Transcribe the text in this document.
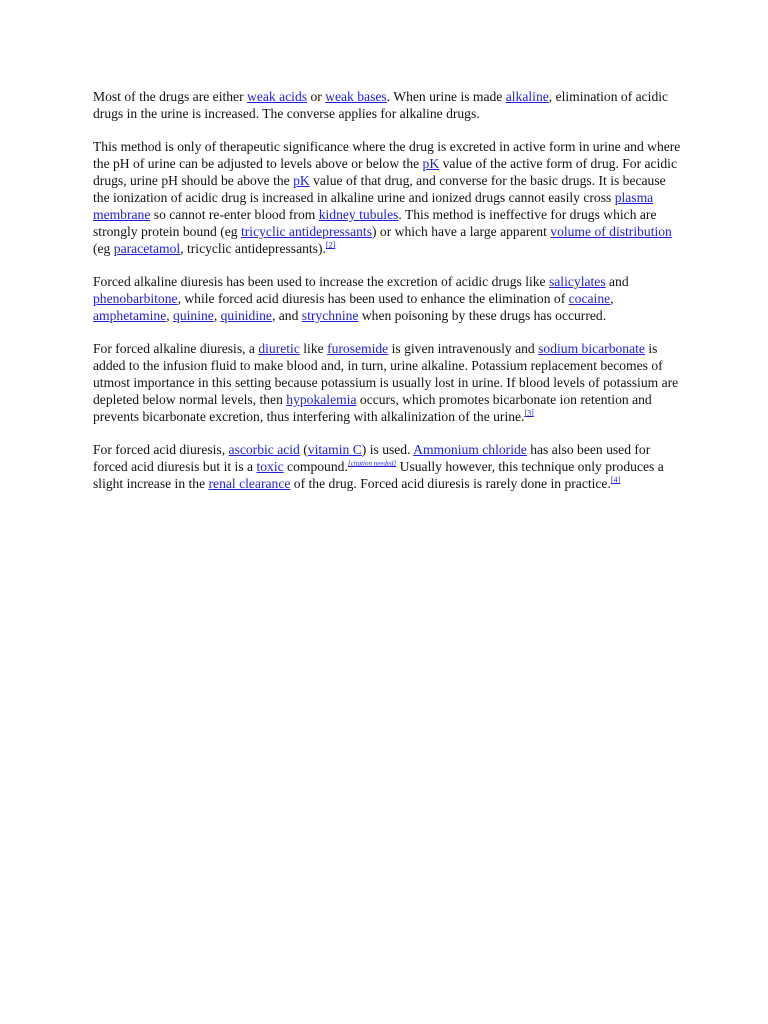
Most of the drugs are either weak acids or weak bases. When urine is made alkaline, elimination of acidic drugs in the urine is increased. The converse applies for alkaline drugs.

This method is only of therapeutic significance where the drug is excreted in active form in urine and where the pH of urine can be adjusted to levels above or below the pK value of the active form of drug. For acidic drugs, urine pH should be above the pK value of that drug, and converse for the basic drugs. It is because the ionization of acidic drug is increased in alkaline urine and ionized drugs cannot easily cross plasma membrane so cannot re-enter blood from kidney tubules. This method is ineffective for drugs which are strongly protein bound (eg tricyclic antidepressants) or which have a large apparent volume of distribution (eg paracetamol, tricyclic antidepressants).[2]

Forced alkaline diuresis has been used to increase the excretion of acidic drugs like salicylates and phenobarbitone, while forced acid diuresis has been used to enhance the elimination of cocaine, amphetamine, quinine, quinidine, and strychnine when poisoning by these drugs has occurred.

For forced alkaline diuresis, a diuretic like furosemide is given intravenously and sodium bicarbonate is added to the infusion fluid to make blood and, in turn, urine alkaline. Potassium replacement becomes of utmost importance in this setting because potassium is usually lost in urine. If blood levels of potassium are depleted below normal levels, then hypokalemia occurs, which promotes bicarbonate ion retention and prevents bicarbonate excretion, thus interfering with alkalinization of the urine.[3]

For forced acid diuresis, ascorbic acid (vitamin C) is used. Ammonium chloride has also been used for forced acid diuresis but it is a toxic compound.[citation needed] Usually however, this technique only produces a slight increase in the renal clearance of the drug. Forced acid diuresis is rarely done in practice.[4]
